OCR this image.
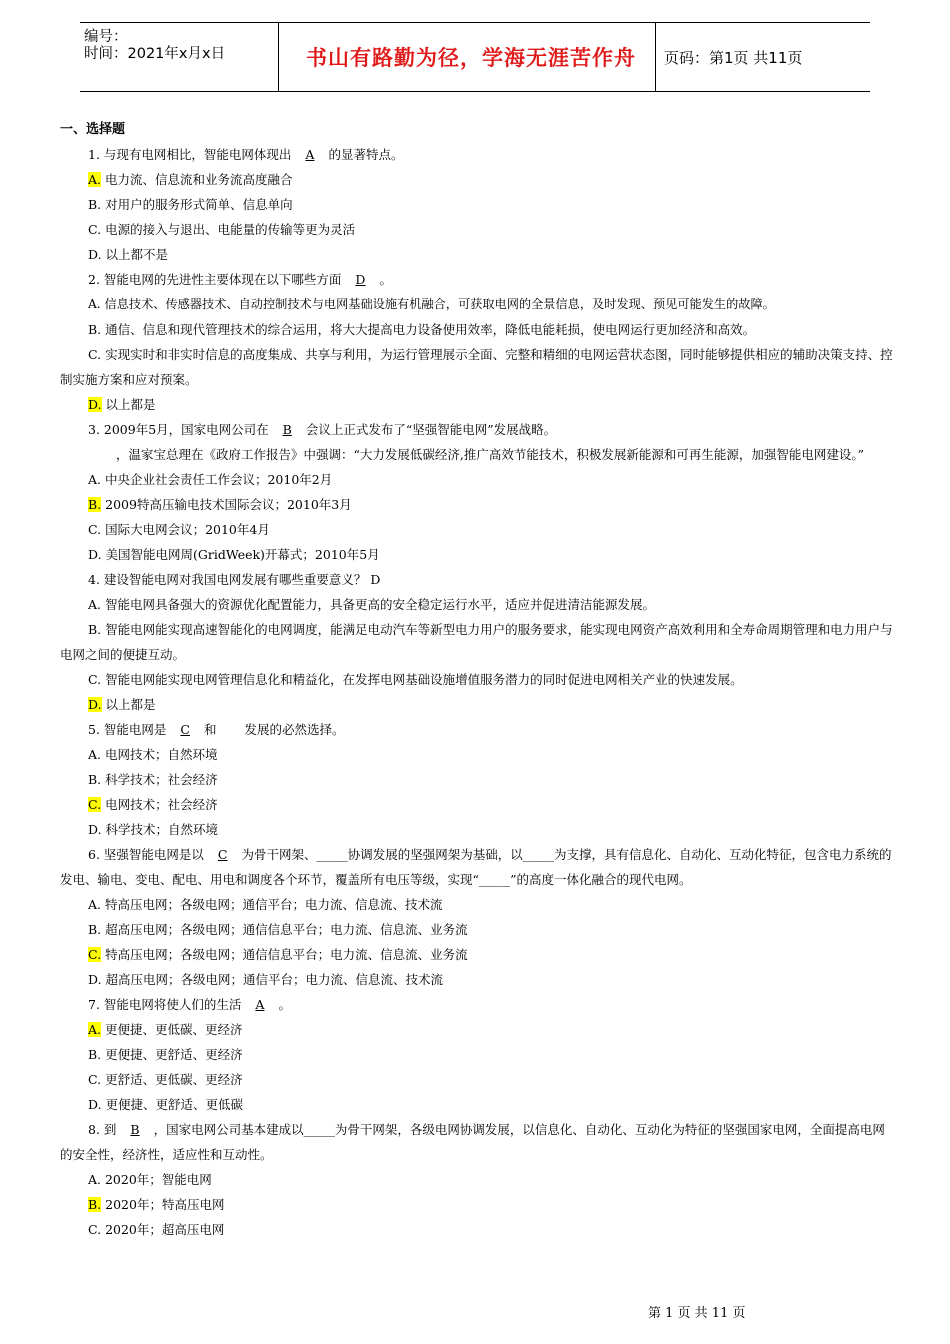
编号：
时间：2021年x月x日	书山有路勤为径，学海无涯苦作舟	页码：第1页 共11页
一、选择题
1. 与现有电网相比，智能电网体现出 A 的显著特点。
A. 电力流、信息流和业务流高度融合
B. 对用户的服务形式简单、信息单向
C. 电源的接入与退出、电能量的传输等更为灵活
D. 以上都不是
2. 智能电网的先进性主要体现在以下哪些方面 D 。
A. 信息技术、传感器技术、自动控制技术与电网基础设施有机融合，可获取电网的全景信息，及时发现、预见可能发生的故障。
B. 通信、信息和现代管理技术的综合运用，将大大提高电力设备使用效率，降低电能耗损，使电网运行更加经济和高效。
C. 实现实时和非实时信息的高度集成、共享与利用，为运行管理展示全面、完整和精细的电网运营状态图，同时能够提供相应的辅助决策支持、控制实施方案和应对预案。
D. 以上都是
3. 2009年5月，国家电网公司在 B 会议上正式发布了“坚强智能电网”发展战略。
，温家宝总理在《政府工作报告》中强调：“大力发展低碳经济,推广高效节能技术，积极发展新能源和可再生能源，加强智能电网建设。”
A. 中央企业社会责任工作会议；2010年2月
B. 2009特高压输电技术国际会议；2010年3月
C. 国际大电网会议；2010年4月
D. 美国智能电网周(GridWeek)开幕式；2010年5月
4. 建设智能电网对我国电网发展有哪些重要意义？ D
A. 智能电网具备强大的资源优化配置能力，具备更高的安全稳定运行水平，适应并促进清洁能源发展。
B. 智能电网能实现高速智能化的电网调度，能满足电动汽车等新型电力用户的服务要求，能实现电网资产高效利用和全寿命周期管理和电力用户与电网之间的便捷互动。
C. 智能电网能实现电网管理信息化和精益化，在发挥电网基础设施增值服务潜力的同时促进电网相关产业的快速发展。
D. 以上都是
5. 智能电网是 C 和 发展的必然选择。
A. 电网技术；自然环境
B. 科学技术；社会经济
C. 电网技术；社会经济
D. 科学技术；自然环境
6. 坚强智能电网是以 C 为骨干网架、_____协调发展的坚强网架为基础，以_____为支撑，具有信息化、自动化、互动化特征，包含电力系统的发电、输电、变电、配电、用电和调度各个环节，覆盖所有电压等级，实现“_____”的高度一体化融合的现代电网。
A. 特高压电网；各级电网；通信平台；电力流、信息流、技术流
B. 超高压电网；各级电网；通信信息平台；电力流、信息流、业务流
C. 特高压电网；各级电网；通信信息平台；电力流、信息流、业务流
D. 超高压电网；各级电网；通信平台；电力流、信息流、技术流
7. 智能电网将使人们的生活 A 。
A. 更便捷、更低碳、更经济
B. 更便捷、更舒适、更经济
C. 更舒适、更低碳、更经济
D. 更便捷、更舒适、更低碳
8. 到 B ，国家电网公司基本建成以_____为骨干网架，各级电网协调发展，以信息化、自动化、互动化为特征的坚强国家电网，全面提高电网的安全性，经济性，适应性和互动性。
A. 2020年；智能电网
B. 2020年；特高压电网
C. 2020年；超高压电网
第 1 页 共 11 页
